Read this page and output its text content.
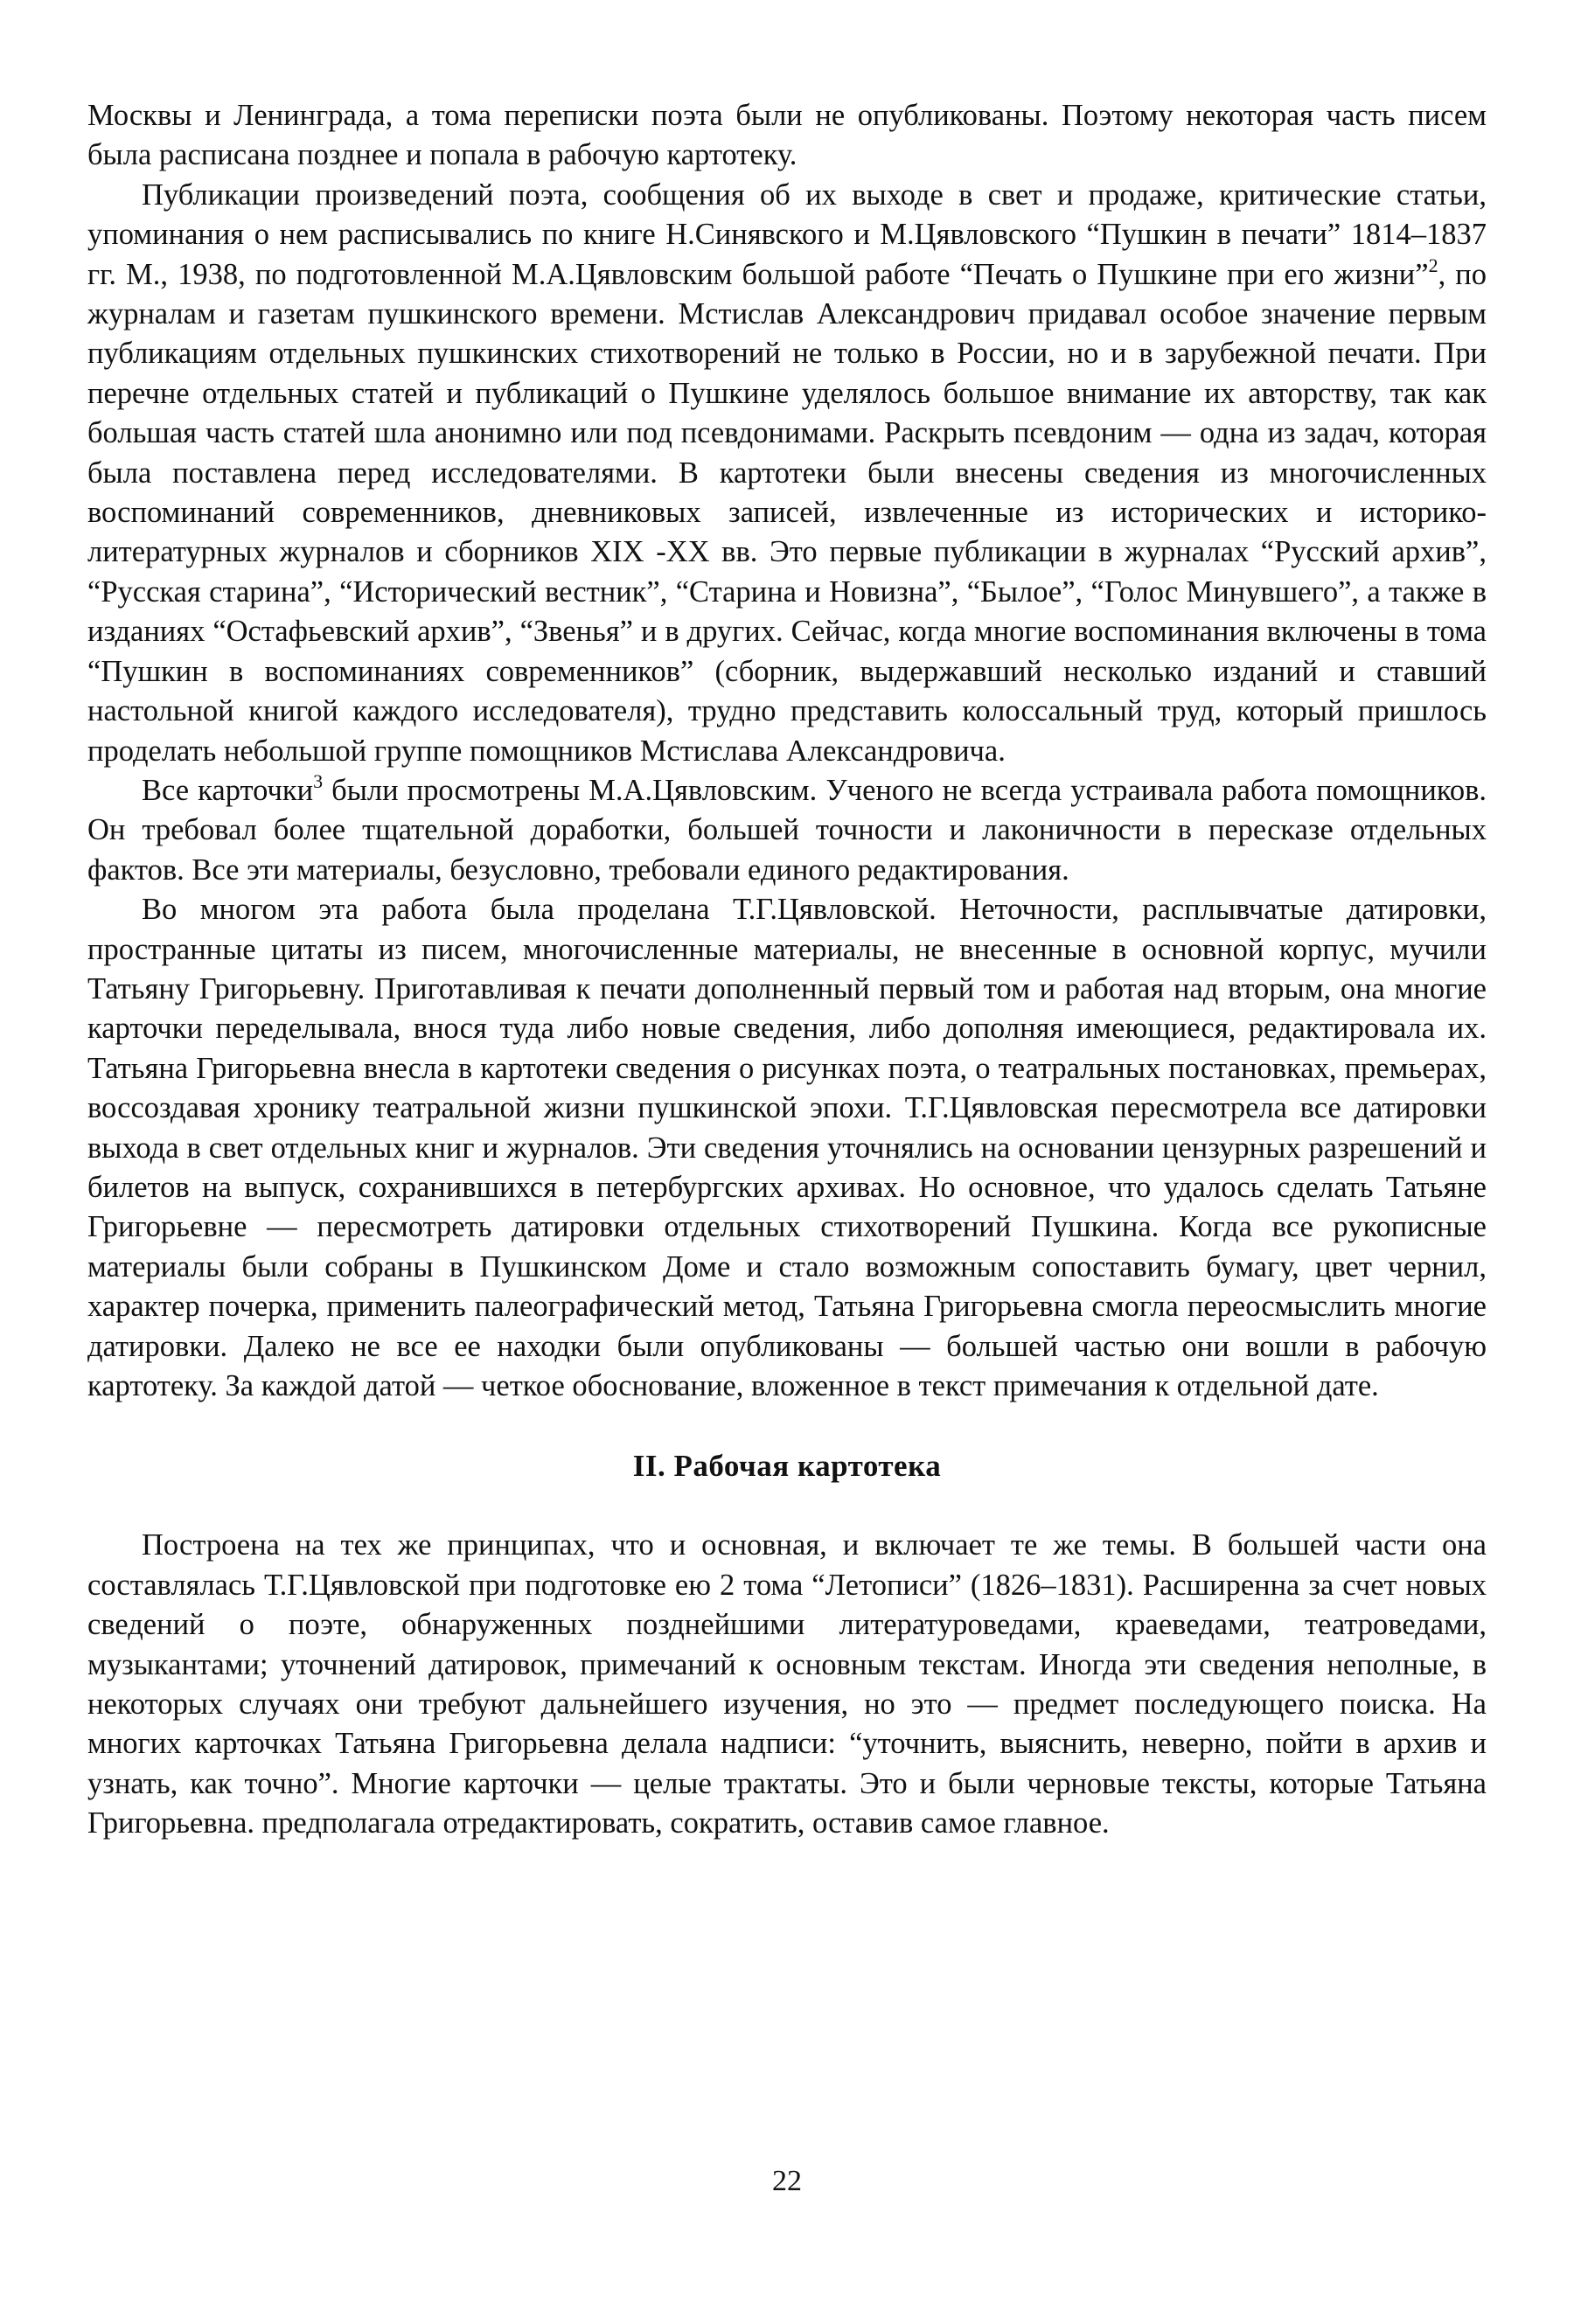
Москвы и Ленинграда, а тома переписки поэта были не опубликованы. Поэтому некоторая часть писем была расписана позднее и попала в рабочую картотеку.

Публикации произведений поэта, сообщения об их выходе в свет и продаже, критические статьи, упоминания о нем расписывались по книге Н.Синявского и М.Цявловского “Пушкин в печати” 1814–1837 гг. М., 1938, по подготовленной М.А.Цявловским большой работе “Печать о Пушкине при его жизни”$^2$, по журналам и газетам пушкинского времени. Мстислав Александрович придавал особое значение первым публикациям отдельных пушкинских стихотворений не только в России, но и в зарубежной печати. При перечне отдельных статей и публикаций о Пушкине уделялось большое внимание их авторству, так как большая часть статей шла анонимно или под псевдонимами. Раскрыть псевдоним — одна из задач, которая была поставлена перед исследователями. В картотеки были внесены сведения из многочисленных воспоминаний современников, дневниковых записей, извлеченные из исторических и историко-литературных журналов и сборников XIX -XX вв. Это первые публикации в журналах “Русский архив”, “Русская старина”, “Исторический вестник”, “Старина и Новизна”, “Былое”, “Голос Минувшего”, а также в изданиях “Остафьевский архив”, “Звенья” и в других. Сейчас, когда многие воспоминания включены в тома “Пушкин в воспоминаниях современников” (сборник, выдержавший несколько изданий и ставший настольной книгой каждого исследователя), трудно представить колоссальный труд, который пришлось проделать небольшой группе помощников Мстислава Александровича.

Все карточки$^3$ были просмотрены М.А.Цявловским. Ученого не всегда устраивала работа помощников. Он требовал более тщательной доработки, большей точности и лаконичности в пересказе отдельных фактов. Все эти материалы, безусловно, требовали единого редактирования.

Во многом эта работа была проделана Т.Г.Цявловской. Неточности, расплывчатые датировки, пространные цитаты из писем, многочисленные материалы, не внесенные в основной корпус, мучили Татьяну Григорьевну. Приготавливая к печати дополненный первый том и работая над вторым, она многие карточки переделывала, внося туда либо новые сведения, либо дополняя имеющиеся, редактировала их. Татьяна Григорьевна внесла в картотеки сведения о рисунках поэта, о театральных постановках, премьерах, воссоздавая хронику театральной жизни пушкинской эпохи. Т.Г.Цявловская пересмотрела все датировки выхода в свет отдельных книг и журналов. Эти сведения уточнялись на основании цензурных разрешений и билетов на выпуск, сохранившихся в петербургских архивах. Но основное, что удалось сделать Татьяне Григорьевне — пересмотреть датировки отдельных стихотворений Пушкина. Когда все рукописные материалы были собраны в Пушкинском Доме и стало возможным сопоставить бумагу, цвет чернил, характер почерка, применить палеографический метод, Татьяна Григорьевна смогла переосмыслить многие датировки. Далеко не все ее находки были опубликованы — большей частью они вошли в рабочую картотеку. За каждой датой — четкое обоснование, вложенное в текст примечания к отдельной дате.

II. Рабочая картотека

Построена на тех же принципах, что и основная, и включает те же темы. В большей части она составлялась Т.Г.Цявловской при подготовке ею 2 тома “Летописи” (1826–1831). Расширенна за счет новых сведений о поэте, обнаруженных позднейшими литературоведами, краеведами, театроведами, музыкантами; уточнений датировок, примечаний к основным текстам. Иногда эти сведения неполные, в некоторых случаях они требуют дальнейшего изучения, но это — предмет последующего поиска. На многих карточках Татьяна Григорьевна делала надписи: “уточнить, выяснить, неверно, пойти в архив и узнать, как точно”. Многие карточки — целые трактаты. Это и были черновые тексты, которые Татьяна Григорьевна. предполагала отредактировать, сократить, оставив самое главное.

22
